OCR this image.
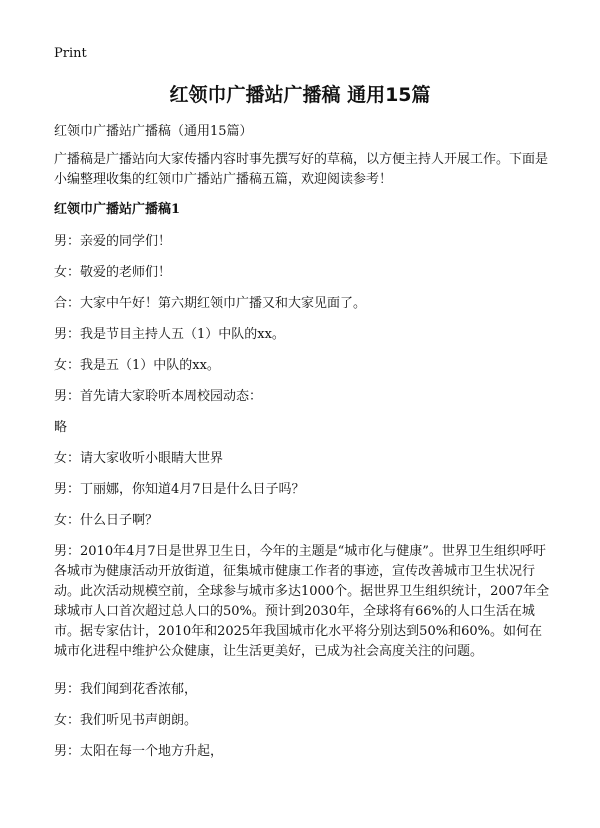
Print
红领巾广播站广播稿 通用15篇

红领巾广播站广播稿（通用15篇）

广播稿是广播站向大家传播内容时事先撰写好的草稿，以方便主持人开展工作。下面是小编整理收集的红领巾广播站广播稿五篇，欢迎阅读参考！

红领巾广播站广播稿1

男：亲爱的同学们！

女：敬爱的老师们！

合：大家中午好！第六期红领巾广播又和大家见面了。

男：我是节目主持人五（1）中队的xx。

女：我是五（1）中队的xx。

男：首先请大家聆听本周校园动态：

略

女：请大家收听小眼睛大世界

男：丁丽娜，你知道4月7日是什么日子吗？

女：什么日子啊？

男：2010年4月7日是世界卫生日，今年的主题是“城市化与健康”。世界卫生组织呼吁各城市为健康活动开放街道，征集城市健康工作者的事迹，宣传改善城市卫生状况行动。此次活动规模空前，全球参与城市多达1000个。据世界卫生组织统计，2007年全球城市人口首次超过总人口的50%。预计到2030年，全球将有66%的人口生活在城市。据专家估计，2010年和2025年我国城市化水平将分别达到50%和60%。如何在城市化进程中维护公众健康，让生活更美好，已成为社会高度关注的问题。

男：我们闻到花香浓郁，

女：我们听见书声朗朗。

男：太阳在每一个地方升起，
